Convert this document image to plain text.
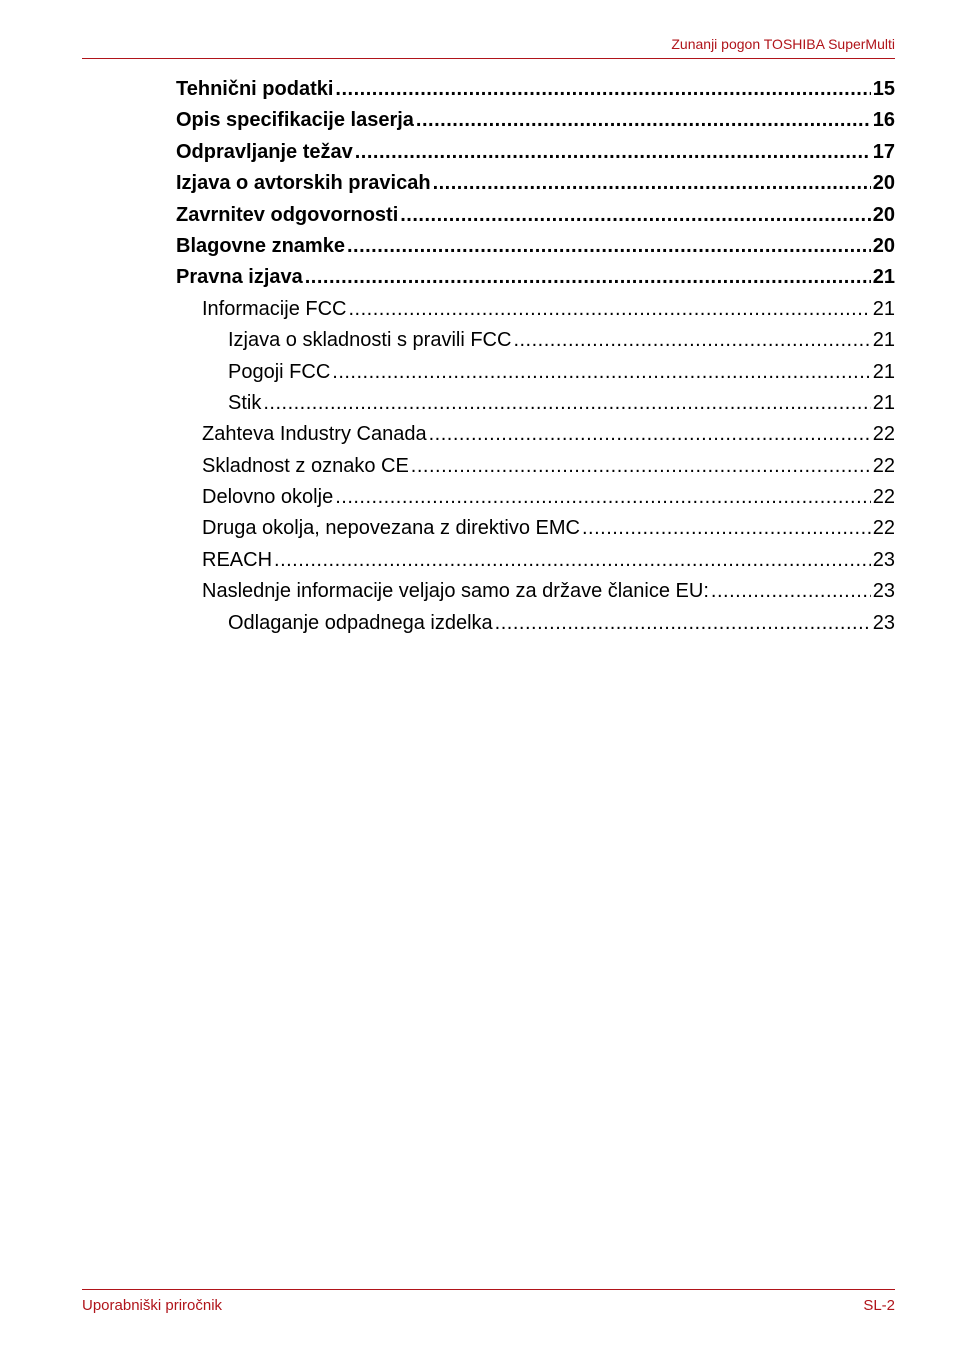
Zunanji pogon TOSHIBA SuperMulti
Tehnični podatki .....	15
Opis specifikacije laserja .....	16
Odpravljanje težav .....	17
Izjava o avtorskih pravicah .....	20
Zavrnitev odgovornosti .....	20
Blagovne znamke .....	20
Pravna izjava .....	21
Informacije FCC .....	21
Izjava o skladnosti s pravili FCC .....	21
Pogoji FCC .....	21
Stik .....	21
Zahteva Industry Canada .....	22
Skladnost z oznako CE .....	22
Delovno okolje .....	22
Druga okolja, nepovezana z direktivo EMC .....	22
REACH .....	23
Naslednje informacije veljajo samo za države članice EU: .....	23
Odlaganje odpadnega izdelka .....	23
Uporabniški priročnik	SL-2
